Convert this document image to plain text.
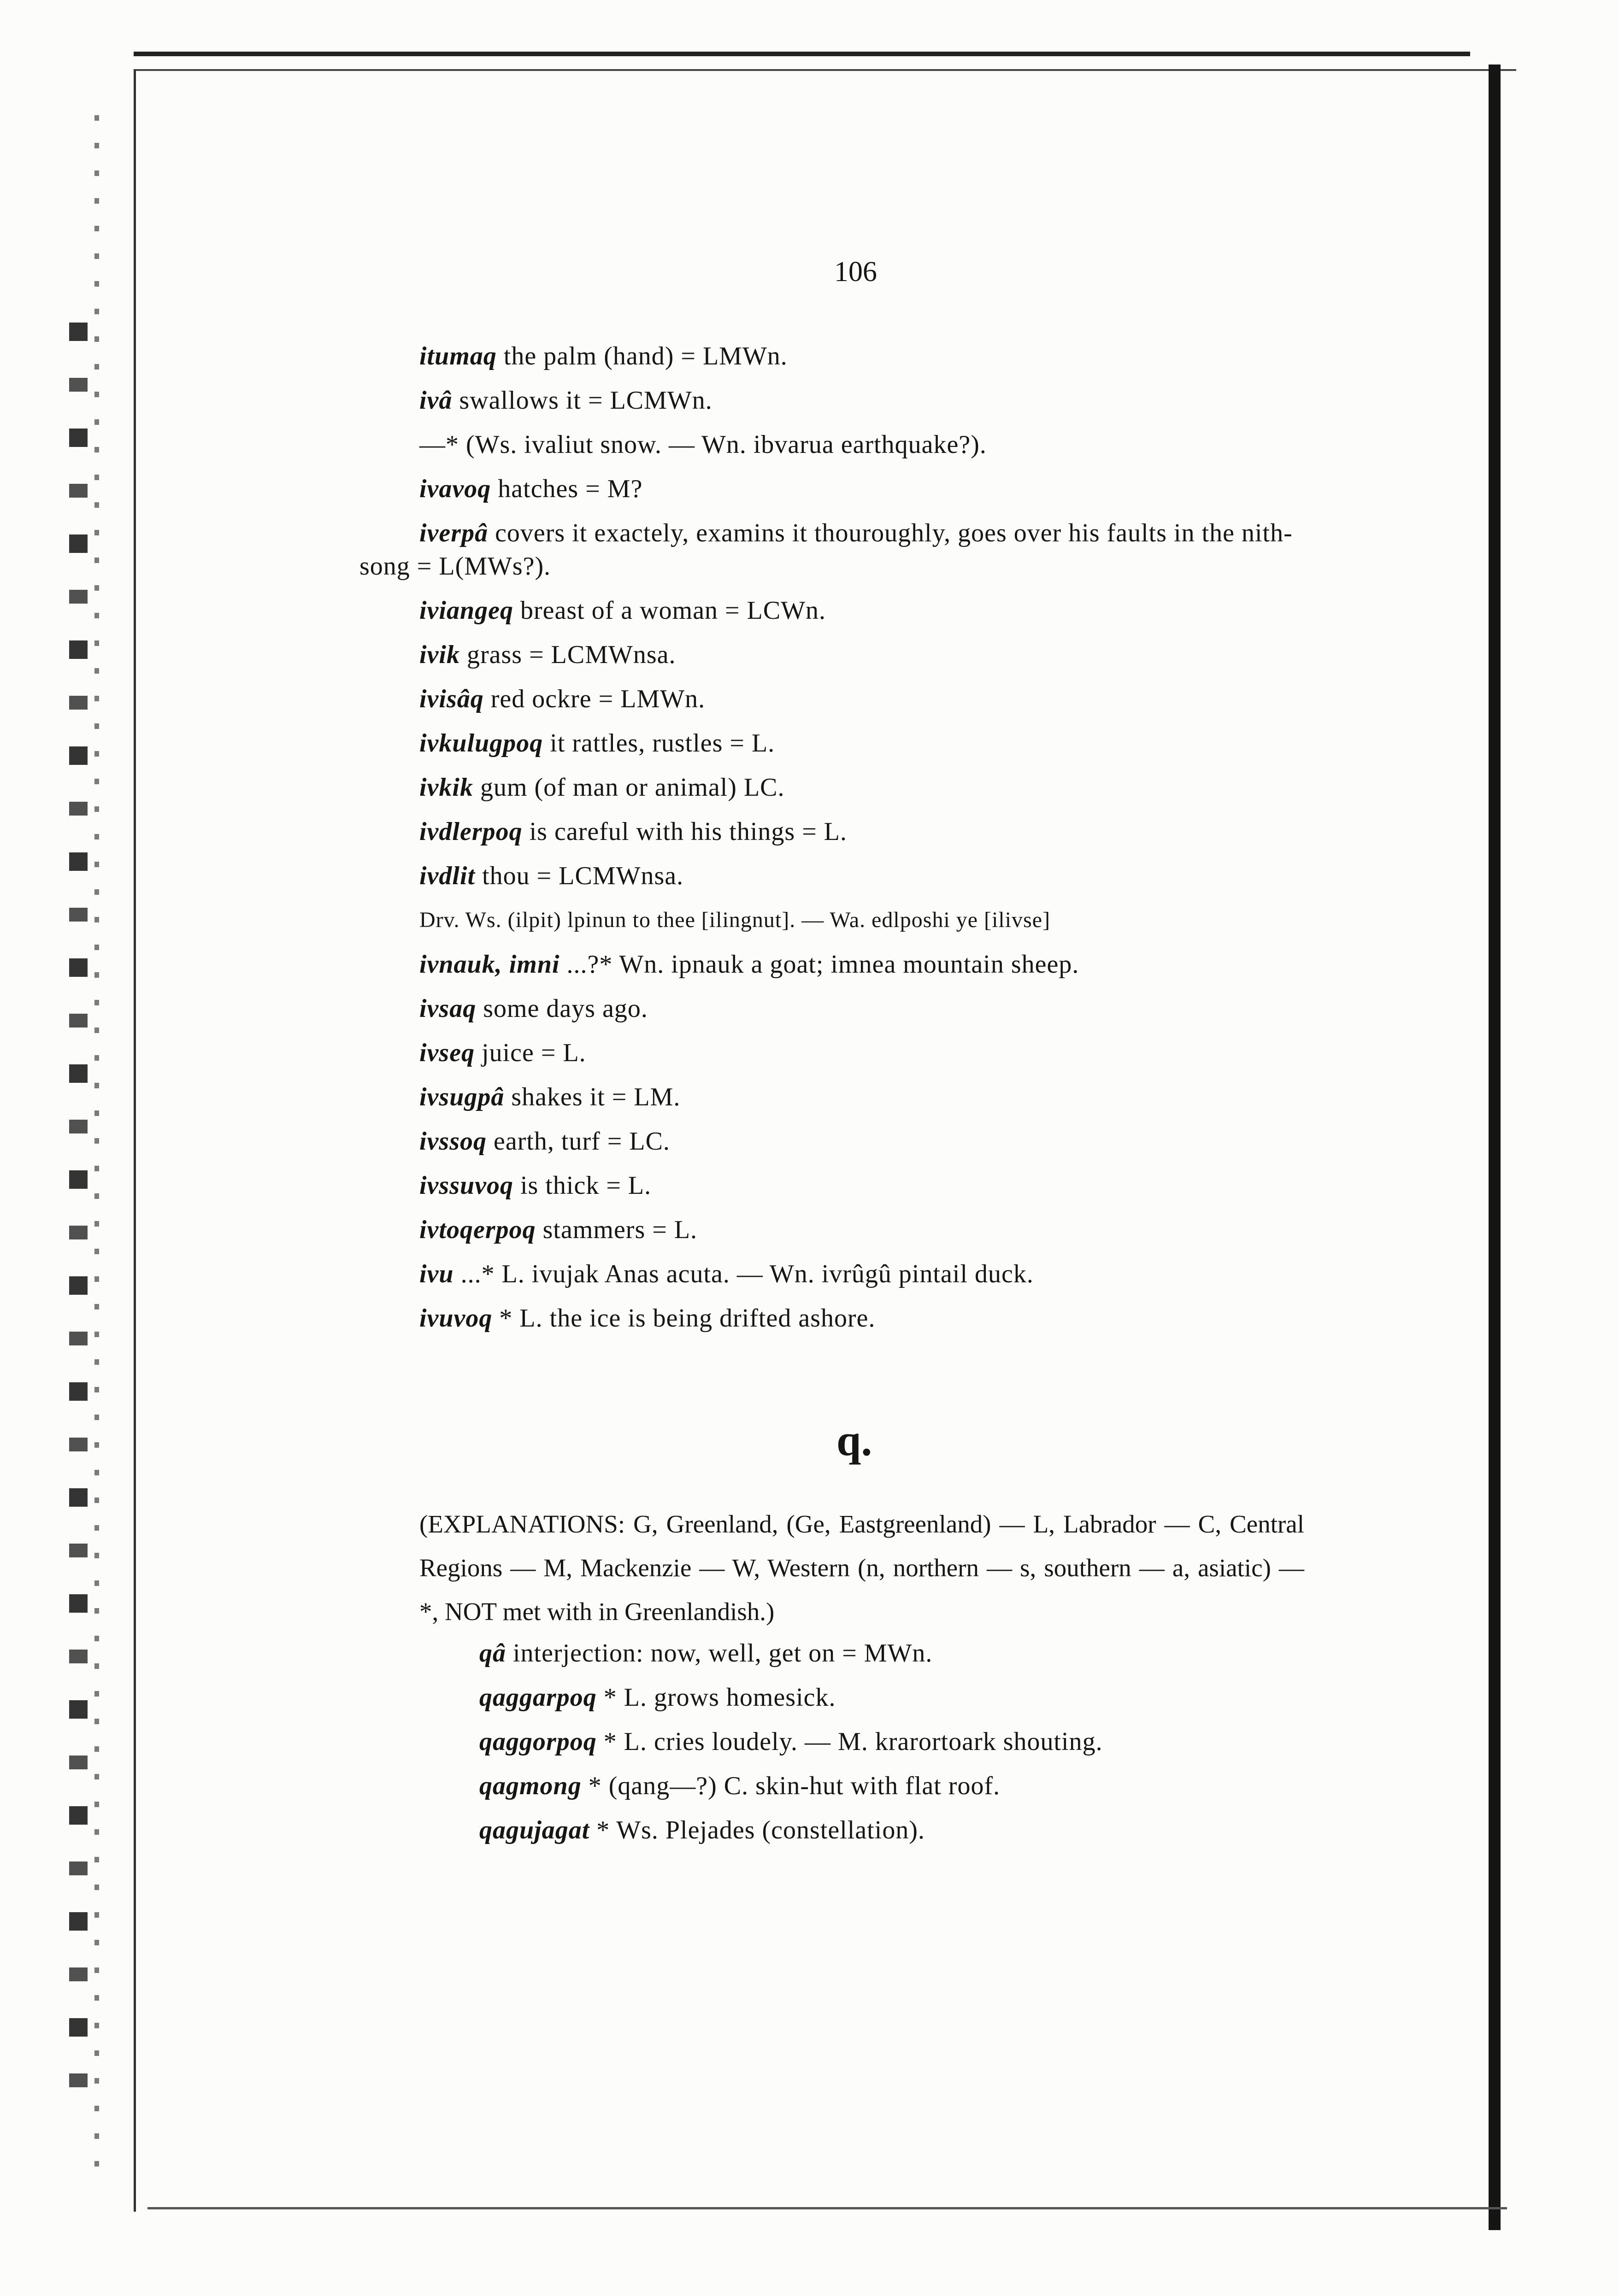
106
itumaq the palm (hand) = LMWn.
ivâ swallows it = LCMWn.
—* (Ws. ivaliut snow. — Wn. ibvarua earthquake?).
ivavoq hatches = M?
iverpâ covers it exactely, examins it thouroughly, goes over his faults in the nith-song = L(MWs?).
iviangeq breast of a woman = LCWn.
ivik grass = LCMWnsa.
ivisâq red ockre = LMWn.
ivkulugpoq it rattles, rustles = L.
ivkik gum (of man or animal) LC.
ivdlerpoq is careful with his things = L.
ivdlit thou = LCMWnsa.
Drv. Ws. (ilpit) lpinun to thee [ilingnut]. — Wa. edlposhi ye [ilivse]
ivnauk, imni ...?* Wn. ipnauk a goat; imnea mountain sheep.
ivsaq some days ago.
ivseq juice = L.
ivsugpâ shakes it = LM.
ivssoq earth, turf = LC.
ivssuvoq is thick = L.
ivtoqerpoq stammers = L.
ivu ...* L. ivujak Anas acuta. — Wn. ivrûgû pintail duck.
ivuvoq * L. the ice is being drifted ashore.
q.
(EXPLANATIONS: G, Greenland, (Ge, Eastgreenland) — L, Labrador — C, Central Regions — M, Mackenzie — W, Western (n, northern — s, southern — a, asiatic) — *, NOT met with in Greenlandish.)
qâ interjection: now, well, get on = MWn.
qaggarpoq * L. grows homesick.
qaggorpoq * L. cries loudely. — M. krarortoark shouting.
qagmong * (qang—?) C. skin-hut with flat roof.
qagujagat * Ws. Plejades (constellation).
